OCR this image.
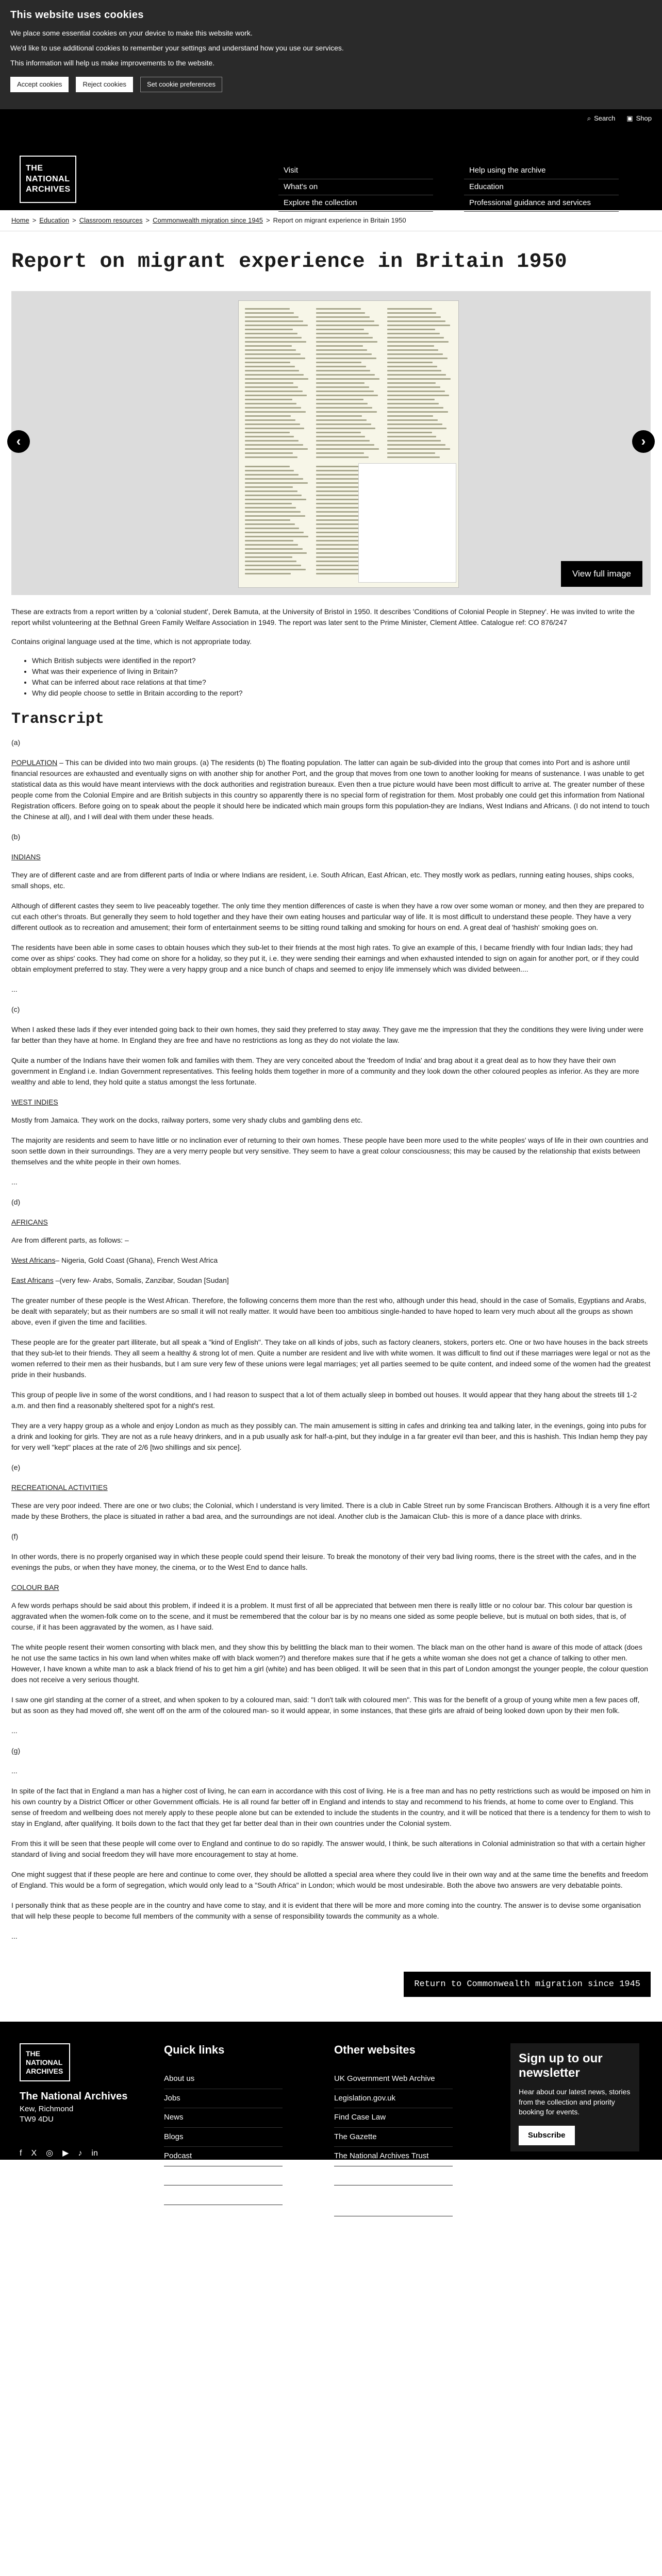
This website uses cookies

We place some essential cookies on your device to make this website work.

We'd like to use additional cookies to remember your settings and understand how you use our services.

This information will help us make improvements to the website.

Accept cookies	Reject cookies	Set cookie preferences
⌕ Search ▣ Shop
THE
NATIONAL
ARCHIVES
Visit
What's on
Explore the collection
Help using the archive
Education
Professional guidance and services
Home > Education > Classroom resources > Commonwealth migration since 1945 > Report on migrant experience in Britain 1950
Report on migrant experience in Britain 1950
‹	›
View full image

These are extracts from a report written by a 'colonial student', Derek Bamuta, at the University of Bristol in 1950. It describes 'Conditions of Colonial People in Stepney'. He was invited to write the report whilst volunteering at the Bethnal Green Family Welfare Association in 1949. The report was later sent to the Prime Minister, Clement Attlee. Catalogue ref: CO 876/247

Contains original language used at the time, which is not appropriate today.

• Which British subjects were identified in the report?
• What was their experience of living in Britain?
• What can be inferred about race relations at that time?
• Why did people choose to settle in Britain according to the report?
Transcript

(a)

POPULATION – This can be divided into two main groups. (a) The residents (b) The floating population. The latter can again be sub-divided into the group that comes into Port and is ashore until financial resources are exhausted and eventually signs on with another ship for another Port, and the group that moves from one town to another looking for means of sustenance. I was unable to get statistical data as this would have meant interviews with the dock authorities and registration bureaux. Even then a true picture would have been most difficult to arrive at. The greater number of these people come from the Colonial Empire and are British subjects in this country so apparently there is no special form of registration for them. Most probably one could get this information from National Registration officers. Before going on to speak about the people it should here be indicated which main groups form this population-they are Indians, West Indians and Africans. (I do not intend to touch the Chinese at all), and I will deal with them under these heads.

(b)

INDIANS

They are of different caste and are from different parts of India or where Indians are resident, i.e. South African, East African, etc. They mostly work as pedlars, running eating houses, ships cooks, small shops, etc.

Although of different castes they seem to live peaceably together. The only time they mention differences of caste is when they have a row over some woman or money, and then they are prepared to cut each other's throats. But generally they seem to hold together and they have their own eating houses and particular way of life. It is most difficult to understand these people. They have a very different outlook as to recreation and amusement; their form of entertainment seems to be sitting round talking and smoking for hours on end. A great deal of 'hashish' smoking goes on.

The residents have been able in some cases to obtain houses which they sub-let to their friends at the most high rates. To give an example of this, I became friendly with four Indian lads; they had come over as ships' cooks. They had come on shore for a holiday, so they put it, i.e. they were sending their earnings and when exhausted intended to sign on again for another port, or if they could obtain employment preferred to stay. They were a very happy group and a nice bunch of chaps and seemed to enjoy life immensely which was divided between....

...

(c)

When I asked these lads if they ever intended going back to their own homes, they said they preferred to stay away. They gave me the impression that they the conditions they were living under were far better than they have at home. In England they are free and have no restrictions as long as they do not violate the law.

Quite a number of the Indians have their women folk and families with them. They are very conceited about the 'freedom of India' and brag about it a great deal as to how they have their own government in England i.e. Indian Government representatives. This feeling holds them together in more of a community and they look down the other coloured peoples as inferior. As they are more wealthy and able to lend, they hold quite a status amongst the less fortunate.

WEST INDIES

Mostly from Jamaica. They work on the docks, railway porters, some very shady clubs and gambling dens etc.

The majority are residents and seem to have little or no inclination ever of returning to their own homes. These people have been more used to the white peoples' ways of life in their own countries and soon settle down in their surroundings. They are a very merry people but very sensitive. They seem to have a great colour consciousness; this may be caused by the relationship that exists between themselves and the white people in their own homes.

...

(d)

AFRICANS

Are from different parts, as follows: –

West Africans– Nigeria, Gold Coast (Ghana), French West Africa

East Africans –(very few- Arabs, Somalis, Zanzibar, Soudan [Sudan]

The greater number of these people is the West African. Therefore, the following concerns them more than the rest who, although under this head, should in the case of Somalis, Egyptians and Arabs, be dealt with separately; but as their numbers are so small it will not really matter. It would have been too ambitious single-handed to have hoped to learn very much about all the groups as shown above, even if given the time and facilities.

These people are for the greater part illiterate, but all speak a "kind of English". They take on all kinds of jobs, such as factory cleaners, stokers, porters etc. One or two have houses in the back streets that they sub-let to their friends. They all seem a healthy & strong lot of men. Quite a number are resident and live with white women. It was difficult to find out if these marriages were legal or not as the women referred to their men as their husbands, but I am sure very few of these unions were legal marriages; yet all parties seemed to be quite content, and indeed some of the women had the greatest pride in their husbands.

This group of people live in some of the worst conditions, and I had reason to suspect that a lot of them actually sleep in bombed out houses. It would appear that they hang about the streets till 1-2 a.m. and then find a reasonably sheltered spot for a night's rest.

They are a very happy group as a whole and enjoy London as much as they possibly can. The main amusement is sitting in cafes and drinking tea and talking later, in the evenings, going into pubs for a drink and looking for girls. They are not as a rule heavy drinkers, and in a pub usually ask for half-a-pint, but they indulge in a far greater evil than beer, and this is hashish. This Indian hemp they pay for very well "kept" places at the rate of 2/6 [two shillings and six pence].

(e)

RECREATIONAL ACTIVITIES

These are very poor indeed. There are one or two clubs; the Colonial, which I understand is very limited. There is a club in Cable Street run by some Franciscan Brothers. Although it is a very fine effort made by these Brothers, the place is situated in rather a bad area, and the surroundings are not ideal. Another club is the Jamaican Club- this is more of a dance place with drinks.

(f)

In other words, there is no properly organised way in which these people could spend their leisure. To break the monotony of their very bad living rooms, there is the street with the cafes, and in the evenings the pubs, or when they have money, the cinema, or to the West End to dance halls.

COLOUR BAR

A few words perhaps should be said about this problem, if indeed it is a problem. It must first of all be appreciated that between men there is really little or no colour bar. This colour bar question is aggravated when the women-folk come on to the scene, and it must be remembered that the colour bar is by no means one sided as some people believe, but is mutual on both sides, that is, of course, if it has been aggravated by the women, as I have said.

The white people resent their women consorting with black men, and they show this by belittling the black man to their women. The black man on the other hand is aware of this mode of attack (does he not use the same tactics in his own land when whites make off with black women?) and therefore makes sure that if he gets a white woman she does not get a chance of talking to other men. However, I have known a white man to ask a black friend of his to get him a girl (white) and has been obliged. It will be seen that in this part of London amongst the younger people, the colour question does not receive a very serious thought.

I saw one girl standing at the corner of a street, and when spoken to by a coloured man, said: "I don't talk with coloured men". This was for the benefit of a group of young white men a few paces off, but as soon as they had moved off, she went off on the arm of the coloured man- so it would appear, in some instances, that these girls are afraid of being looked down upon by their men folk.

...

(g)

...

In spite of the fact that in England a man has a higher cost of living, he can earn in accordance with this cost of living. He is a free man and has no petty restrictions such as would be imposed on him in his own country by a District Officer or other Government officials. He is all round far better off in England and intends to stay and recommend to his friends, at home to come over to England. This sense of freedom and wellbeing does not merely apply to these people alone but can be extended to include the students in the country, and it will be noticed that there is a tendency for them to wish to stay in England, after qualifying. It boils down to the fact that they get far better deal than in their own countries under the Colonial system.

From this it will be seen that these people will come over to England and continue to do so rapidly. The answer would, I think, be such alterations in Colonial administration so that with a certain higher standard of living and social freedom they will have more encouragement to stay at home.

One might suggest that if these people are here and continue to come over, they should be allotted a special area where they could live in their own way and at the same time the benefits and freedom of England. This would be a form of segregation, which would only lead to a "South Africa" in London; which would be most undesirable. Both the above two answers are very debatable points.

I personally think that as these people are in the country and have come to stay, and it is evident that there will be more and more coming into the country. The answer is to devise some organisation that will help these people to become full members of the community with a sense of responsibility towards the community as a whole.

...

Return to Commonwealth migration since 1945
THE
NATIONAL
ARCHIVES
The National Archives
Kew, Richmond
TW9 4DU
f X ◎ ▶ ♪ in
Quick links
About us
Jobs
News
Blogs
Podcast
Press room
Contact us
Other websites
UK Government Web Archive
Legislation.gov.uk
Find Case Law
The Gazette
The National Archives Trust
Friends of The National Archives
The National Archives Design System
Sign up to our newsletter

Hear about our latest news, stories from the collection and priority booking for events.

Subscribe
